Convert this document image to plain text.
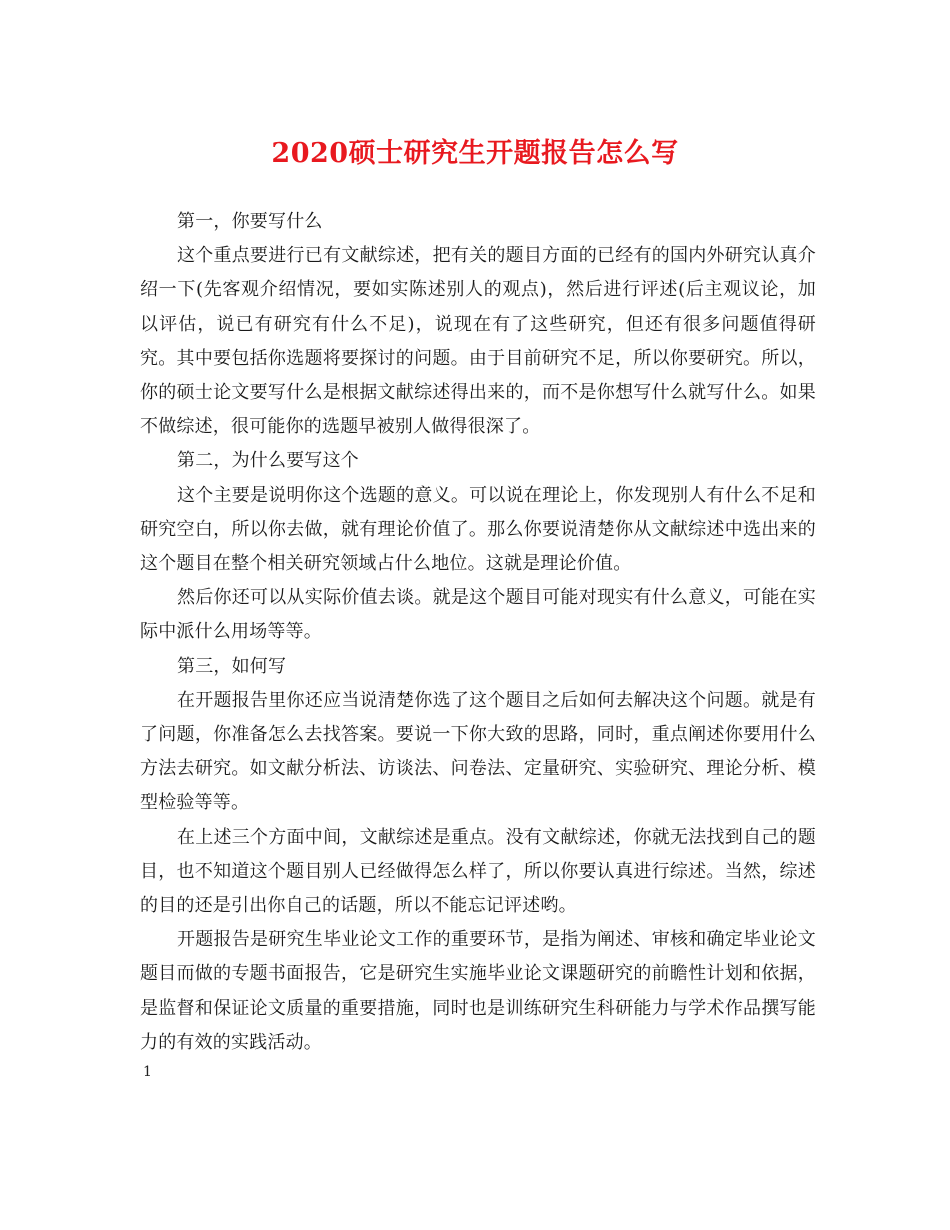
2020硕士研究生开题报告怎么写

第一，你要写什么

这个重点要进行已有文献综述，把有关的题目方面的已经有的国内外研究认真介绍一下(先客观介绍情况，要如实陈述别人的观点)，然后进行评述(后主观议论，加以评估，说已有研究有什么不足)，说现在有了这些研究，但还有很多问题值得研究。其中要包括你选题将要探讨的问题。由于目前研究不足，所以你要研究。所以，你的硕士论文要写什么是根据文献综述得出来的，而不是你想写什么就写什么。如果不做综述，很可能你的选题早被别人做得很深了。

第二，为什么要写这个

这个主要是说明你这个选题的意义。可以说在理论上，你发现别人有什么不足和研究空白，所以你去做，就有理论价值了。那么你要说清楚你从文献综述中选出来的这个题目在整个相关研究领域占什么地位。这就是理论价值。

然后你还可以从实际价值去谈。就是这个题目可能对现实有什么意义，可能在实际中派什么用场等等。

第三，如何写

在开题报告里你还应当说清楚你选了这个题目之后如何去解决这个问题。就是有了问题，你准备怎么去找答案。要说一下你大致的思路，同时，重点阐述你要用什么方法去研究。如文献分析法、访谈法、问卷法、定量研究、实验研究、理论分析、模型检验等等。

在上述三个方面中间，文献综述是重点。没有文献综述，你就无法找到自己的题目，也不知道这个题目别人已经做得怎么样了，所以你要认真进行综述。当然，综述的目的还是引出你自己的话题，所以不能忘记评述哟。

开题报告是研究生毕业论文工作的重要环节，是指为阐述、审核和确定毕业论文题目而做的专题书面报告，它是研究生实施毕业论文课题研究的前瞻性计划和依据，是监督和保证论文质量的重要措施，同时也是训练研究生科研能力与学术作品撰写能力的有效的实践活动。

1
